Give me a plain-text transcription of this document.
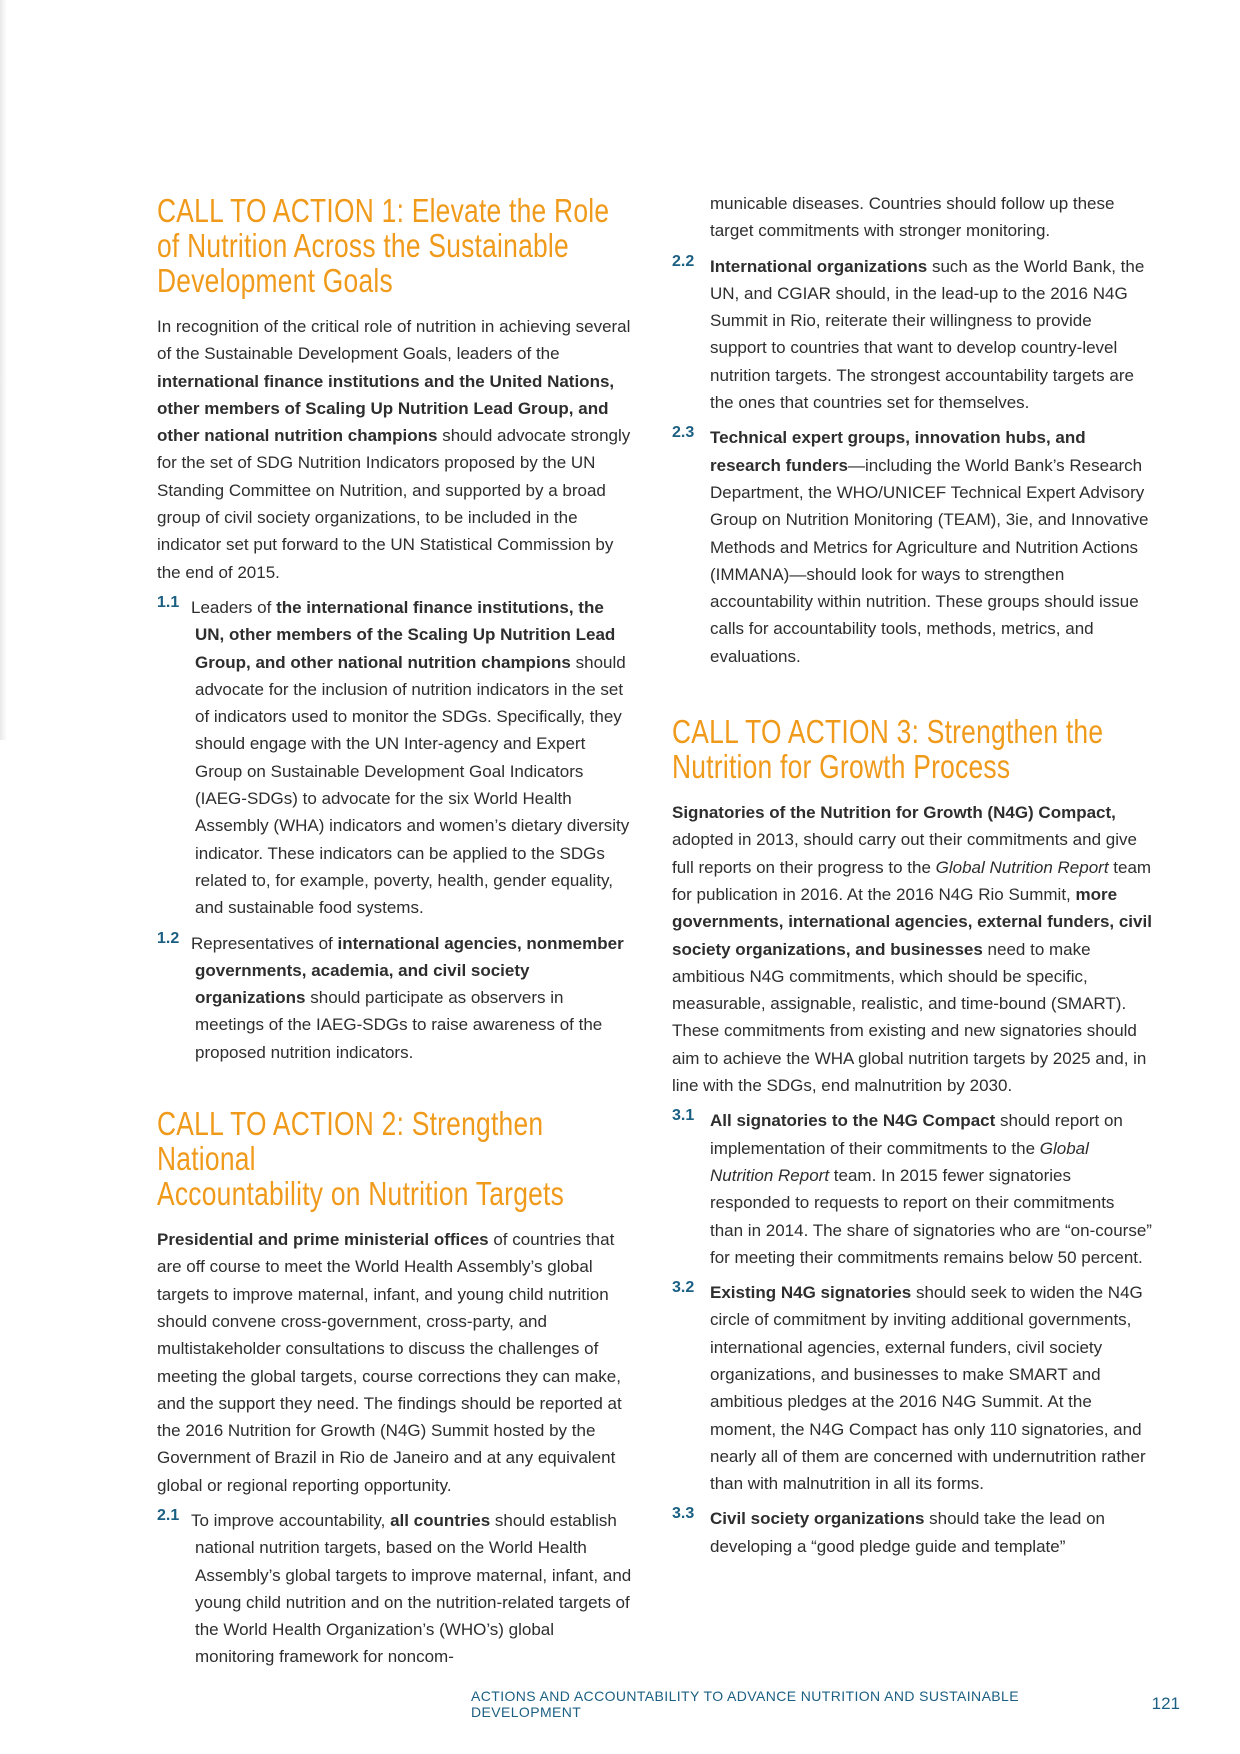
CALL TO ACTION 1: Elevate the Role
of Nutrition Across the Sustainable
Development Goals

In recognition of the critical role of nutrition in achieving several of the Sustainable Development Goals, leaders of the international finance institutions and the United Nations, other members of Scaling Up Nutrition Lead Group, and other national nutrition champions should advocate strongly for the set of SDG Nutrition Indicators proposed by the UN Standing Committee on Nutrition, and supported by a broad group of civil society organizations, to be included in the indicator set put forward to the UN Statistical Commission by the end of 2015.

1.1 Leaders of the international finance institutions, the UN, other members of the Scaling Up Nutrition Lead Group, and other national nutrition champions should advocate for the inclusion of nutrition indicators in the set of indicators used to monitor the SDGs. Specifically, they should engage with the UN Inter-agency and Expert Group on Sustainable Development Goal Indicators (IAEG-SDGs) to advocate for the six World Health Assembly (WHA) indicators and women’s dietary diversity indicator. These indicators can be applied to the SDGs related to, for example, poverty, health, gender equality, and sustainable food systems.

1.2 Representatives of international agencies, nonmember governments, academia, and civil society organizations should participate as observers in meetings of the IAEG-SDGs to raise awareness of the proposed nutrition indicators.

CALL TO ACTION 2: Strengthen National
Accountability on Nutrition Targets

Presidential and prime ministerial offices of countries that are off course to meet the World Health Assembly’s global targets to improve maternal, infant, and young child nutrition should convene cross-government, cross-party, and multistakeholder consultations to discuss the challenges of meeting the global targets, course corrections they can make, and the support they need. The findings should be reported at the 2016 Nutrition for Growth (N4G) Summit hosted by the Government of Brazil in Rio de Janeiro and at any equivalent global or regional reporting opportunity.

2.1 To improve accountability, all countries should establish national nutrition targets, based on the World Health Assembly’s global targets to improve maternal, infant, and young child nutrition and on the nutrition-related targets of the World Health Organization’s (WHO’s) global monitoring framework for noncom-

municable diseases. Countries should follow up these target commitments with stronger monitoring.

2.2 International organizations such as the World Bank, the UN, and CGIAR should, in the lead-up to the 2016 N4G Summit in Rio, reiterate their willingness to provide support to countries that want to develop country-level nutrition targets. The strongest accountability targets are the ones that countries set for themselves.

2.3 Technical expert groups, innovation hubs, and research funders—including the World Bank’s Research Department, the WHO/UNICEF Technical Expert Advisory Group on Nutrition Monitoring (TEAM), 3ie, and Innovative Methods and Metrics for Agriculture and Nutrition Actions (IMMANA)—should look for ways to strengthen accountability within nutrition. These groups should issue calls for accountability tools, methods, metrics, and evaluations.

CALL TO ACTION 3: Strengthen the
Nutrition for Growth Process

Signatories of the Nutrition for Growth (N4G) Compact, adopted in 2013, should carry out their commitments and give full reports on their progress to the Global Nutrition Report team for publication in 2016. At the 2016 N4G Rio Summit, more governments, international agencies, external funders, civil society organizations, and businesses need to make ambitious N4G commitments, which should be specific, measurable, assignable, realistic, and time-bound (SMART). These commitments from existing and new signatories should aim to achieve the WHA global nutrition targets by 2025 and, in line with the SDGs, end malnutrition by 2030.

3.1 All signatories to the N4G Compact should report on implementation of their commitments to the Global Nutrition Report team. In 2015 fewer signatories responded to requests to report on their commitments than in 2014. The share of signatories who are “on-course” for meeting their commitments remains below 50 percent.

3.2 Existing N4G signatories should seek to widen the N4G circle of commitment by inviting additional governments, international agencies, external funders, civil society organizations, and businesses to make SMART and ambitious pledges at the 2016 N4G Summit. At the moment, the N4G Compact has only 110 signatories, and nearly all of them are concerned with undernutrition rather than with malnutrition in all its forms.

3.3 Civil society organizations should take the lead on developing a “good pledge guide and template”

ACTIONS AND ACCOUNTABILITY TO ADVANCE NUTRITION AND SUSTAINABLE DEVELOPMENT	121
